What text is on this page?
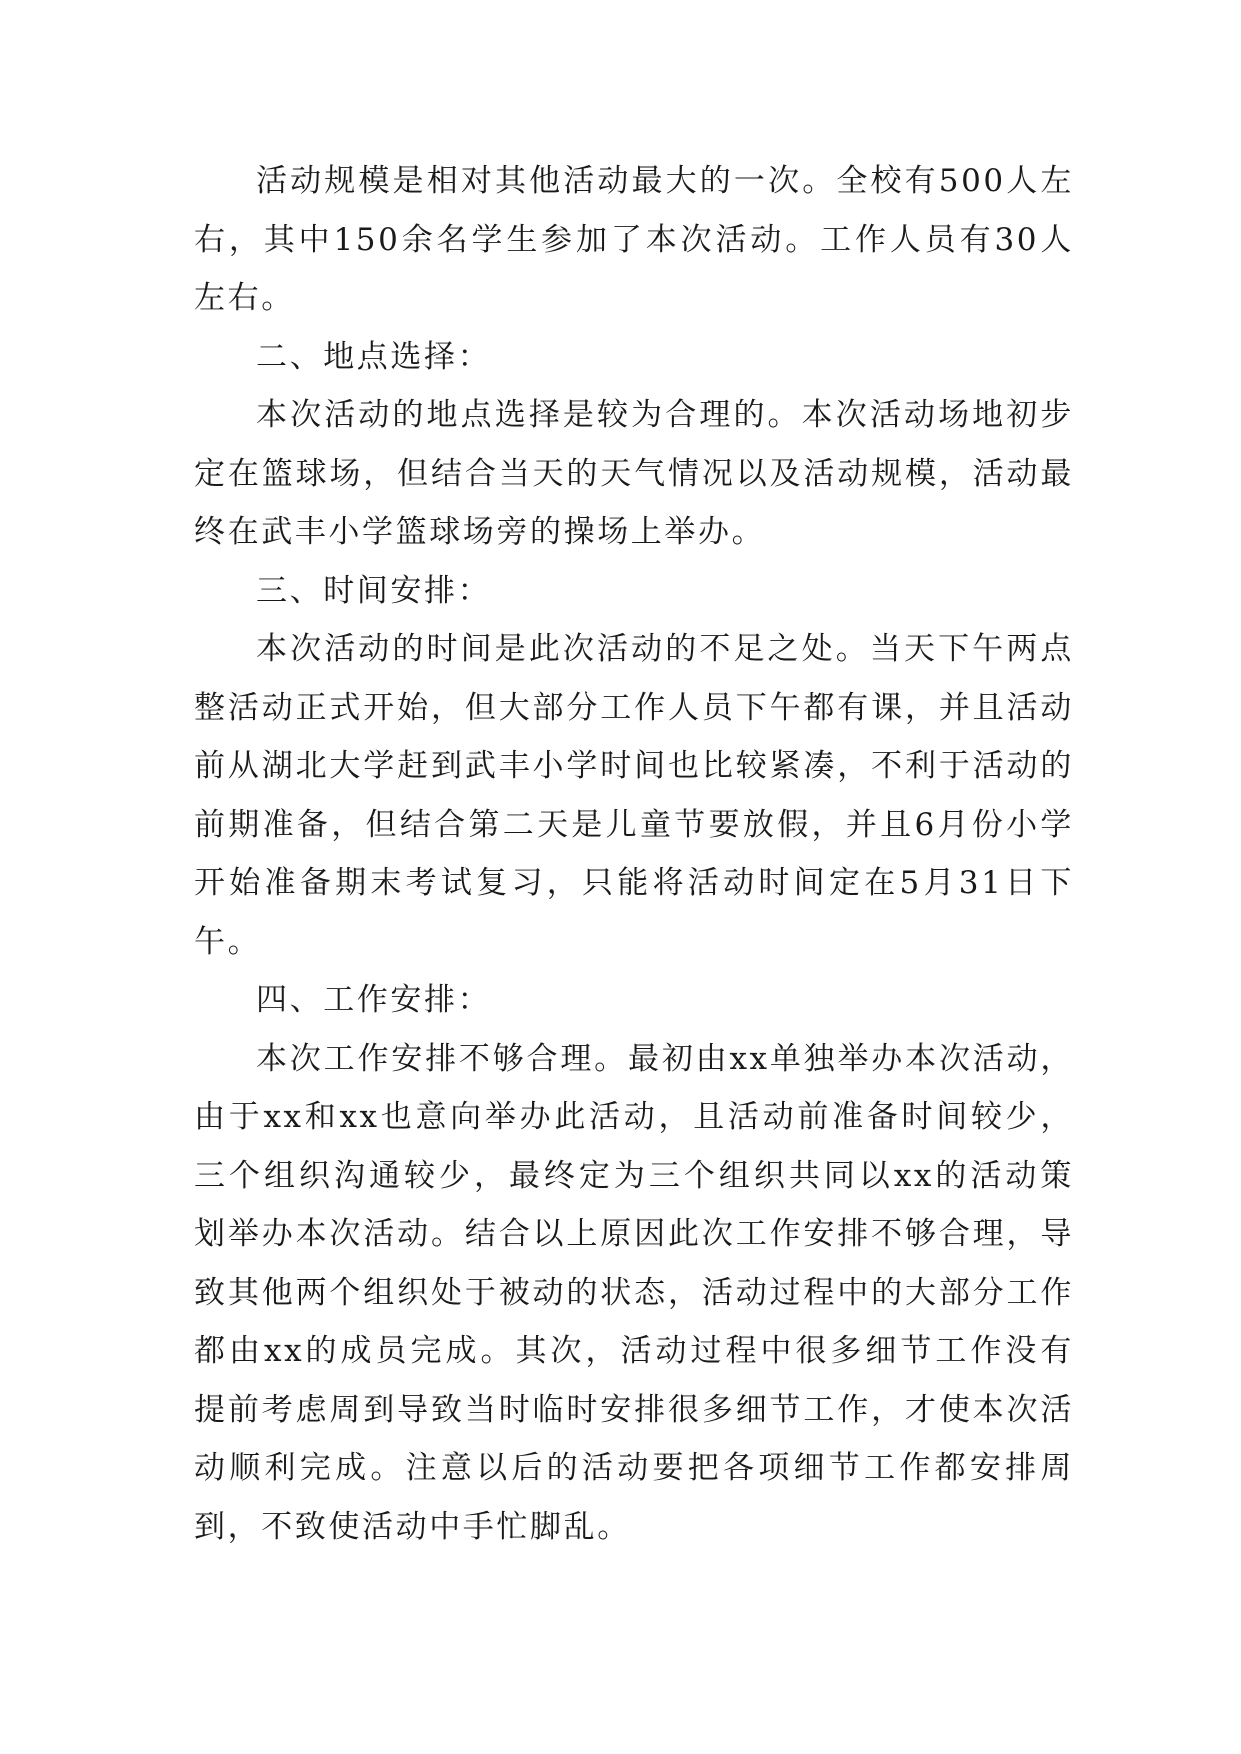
活动规模是相对其他活动最大的一次。全校有500人左右，其中150余名学生参加了本次活动。工作人员有30人左右。

二、地点选择：

本次活动的地点选择是较为合理的。本次活动场地初步定在篮球场，但结合当天的天气情况以及活动规模，活动最终在武丰小学篮球场旁的操场上举办。

三、时间安排：

本次活动的时间是此次活动的不足之处。当天下午两点整活动正式开始，但大部分工作人员下午都有课，并且活动前从湖北大学赶到武丰小学时间也比较紧凑，不利于活动的前期准备，但结合第二天是儿童节要放假，并且6月份小学开始准备期末考试复习，只能将活动时间定在5月31日下午。

四、工作安排：

本次工作安排不够合理。最初由xx单独举办本次活动，由于xx和xx也意向举办此活动，且活动前准备时间较少，三个组织沟通较少，最终定为三个组织共同以xx的活动策划举办本次活动。结合以上原因此次工作安排不够合理，导致其他两个组织处于被动的状态，活动过程中的大部分工作都由xx的成员完成。其次，活动过程中很多细节工作没有提前考虑周到导致当时临时安排很多细节工作，才使本次活动顺利完成。注意以后的活动要把各项细节工作都安排周到，不致使活动中手忙脚乱。
